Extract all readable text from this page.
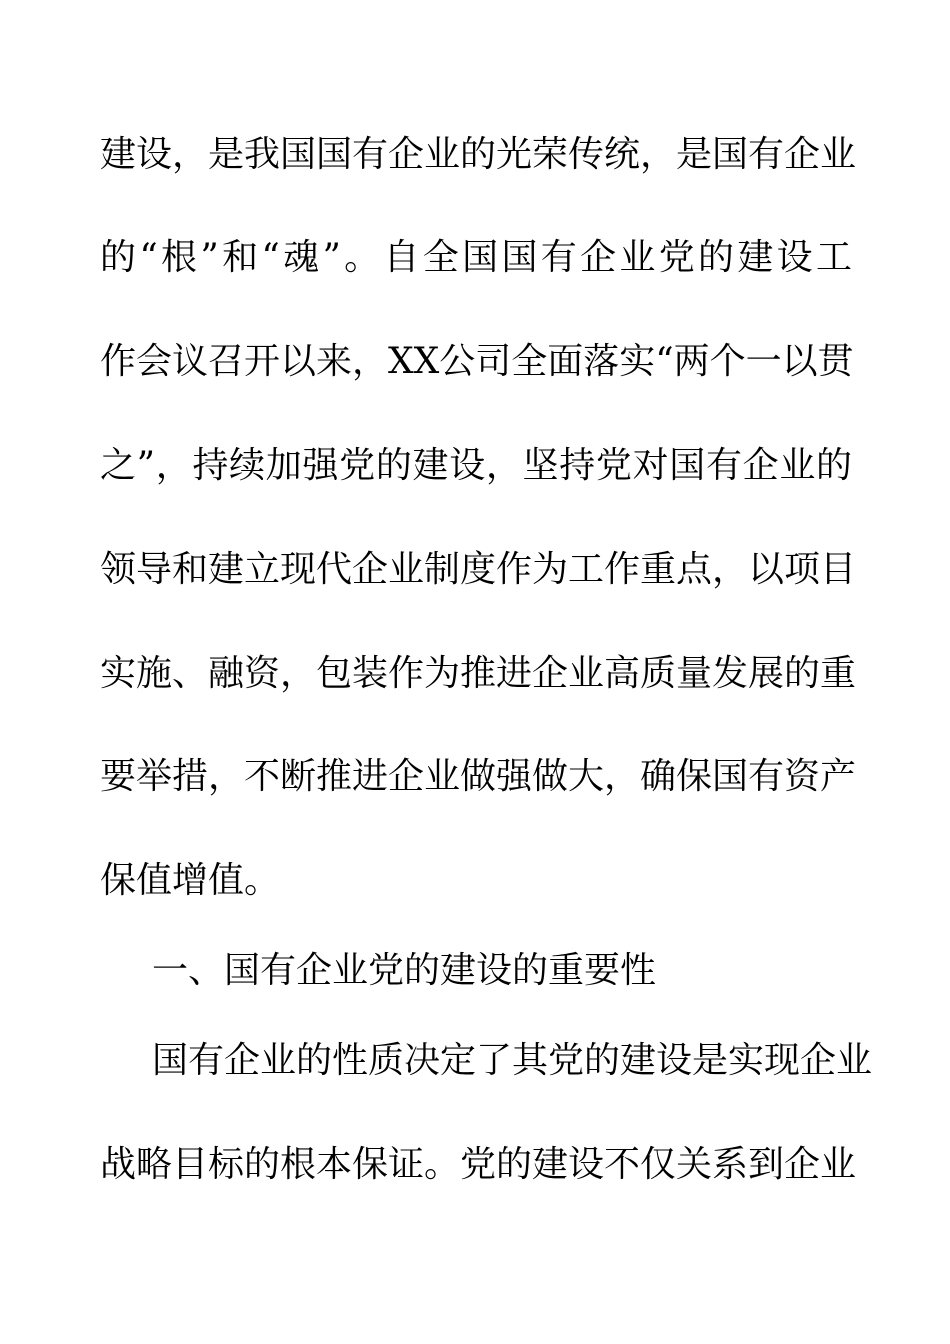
建设，是我国国有企业的光荣传统，是国有企业
的“根”和“魂”。自全国国有企业党的建设工
作会议召开以来，XX公司全面落实“两个一以贯
之”，持续加强党的建设，坚持党对国有企业的
领导和建立现代企业制度作为工作重点，以项目
实施、融资，包装作为推进企业高质量发展的重
要举措，不断推进企业做强做大，确保国有资产
保值增值。
一、国有企业党的建设的重要性
国有企业的性质决定了其党的建设是实现企业
战略目标的根本保证。党的建设不仅关系到企业
